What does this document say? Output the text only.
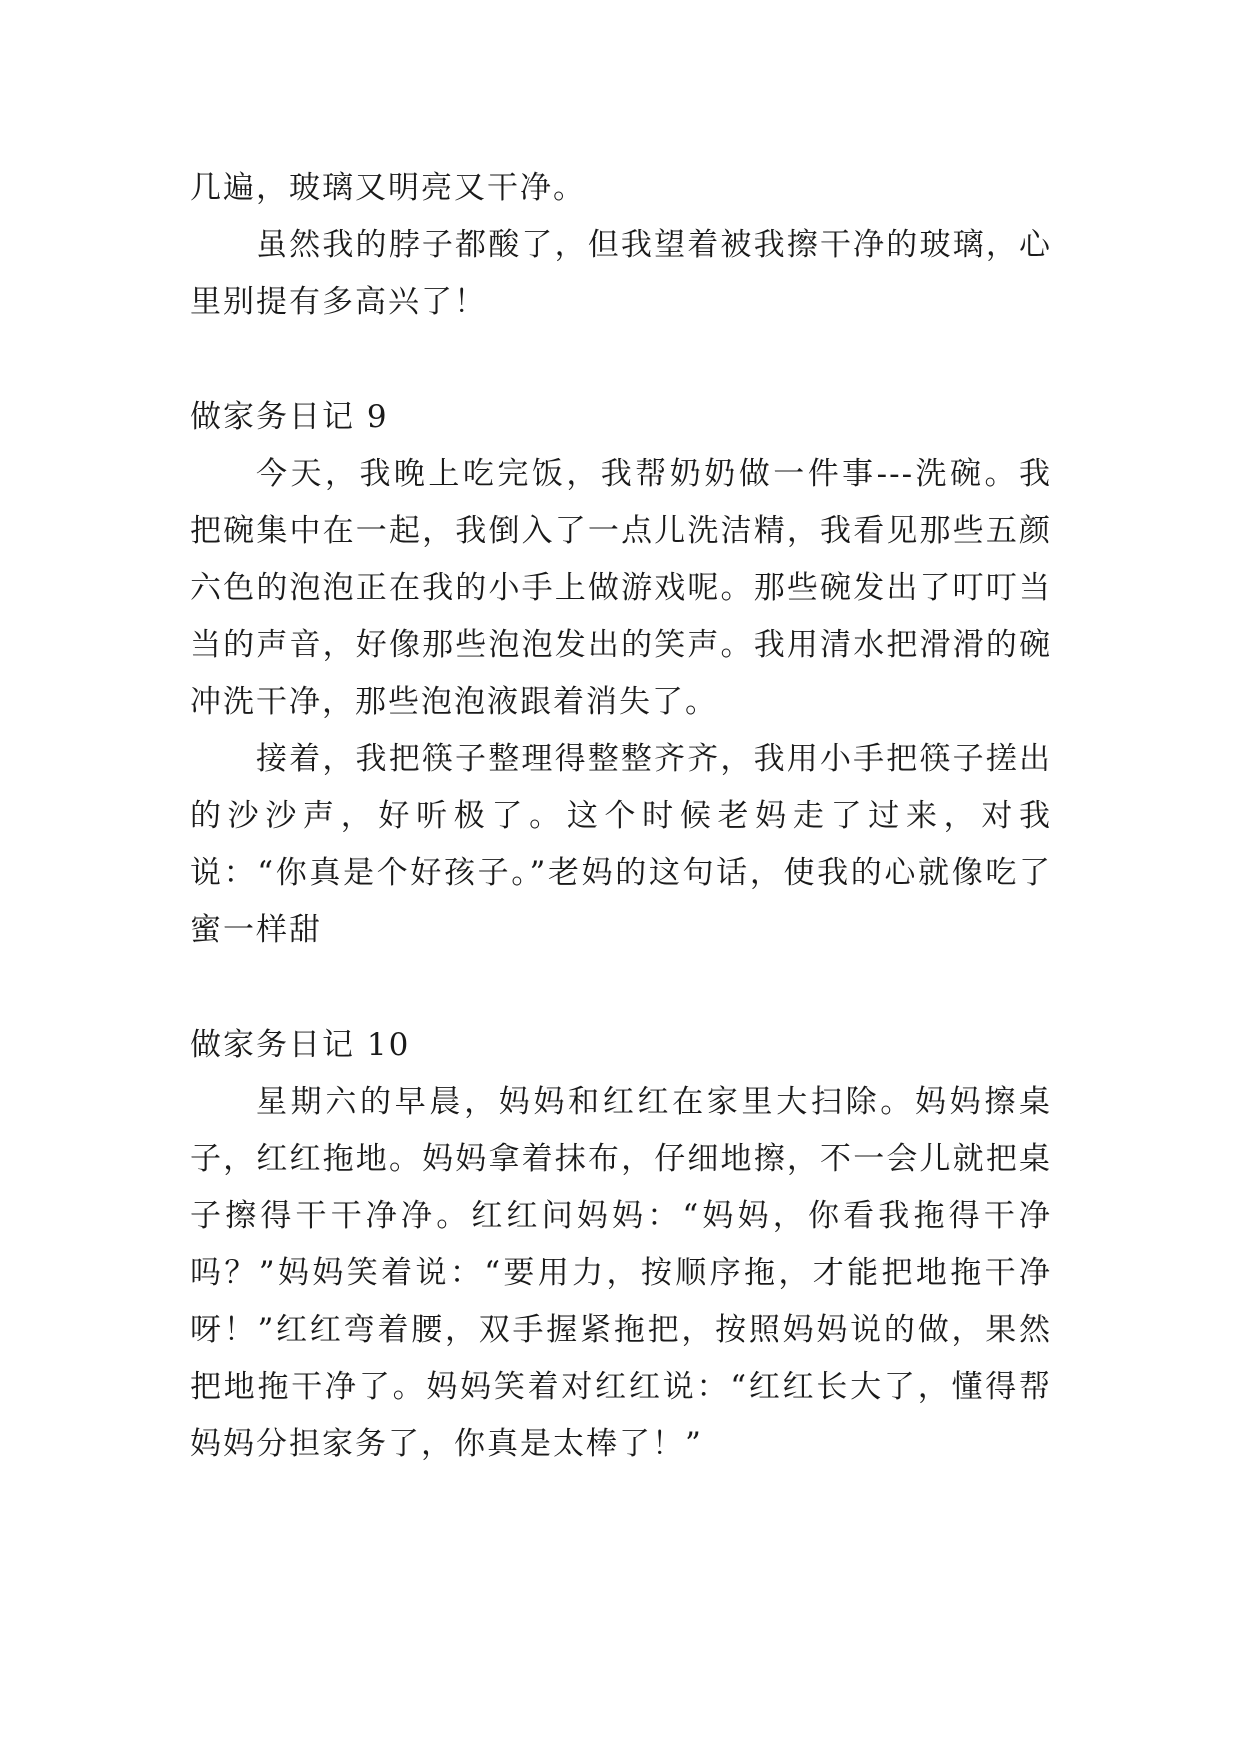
几遍，玻璃又明亮又干净。

虽然我的脖子都酸了，但我望着被我擦干净的玻璃，心里别提有多高兴了！

做家务日记 9

今天，我晚上吃完饭，我帮奶奶做一件事---洗碗。我把碗集中在一起，我倒入了一点儿洗洁精，我看见那些五颜六色的泡泡正在我的小手上做游戏呢。那些碗发出了叮叮当当的声音，好像那些泡泡发出的笑声。我用清水把滑滑的碗冲洗干净，那些泡泡液跟着消失了。

接着，我把筷子整理得整整齐齐，我用小手把筷子搓出的沙沙声，好听极了。这个时候老妈走了过来，对我说：“你真是个好孩子。”老妈的这句话，使我的心就像吃了蜜一样甜

做家务日记 10

星期六的早晨，妈妈和红红在家里大扫除。妈妈擦桌子，红红拖地。妈妈拿着抹布，仔细地擦，不一会儿就把桌子擦得干干净净。红红问妈妈：“妈妈，你看我拖得干净吗？”妈妈笑着说：“要用力，按顺序拖，才能把地拖干净呀！”红红弯着腰，双手握紧拖把，按照妈妈说的做，果然把地拖干净了。妈妈笑着对红红说：“红红长大了，懂得帮妈妈分担家务了，你真是太棒了！”
